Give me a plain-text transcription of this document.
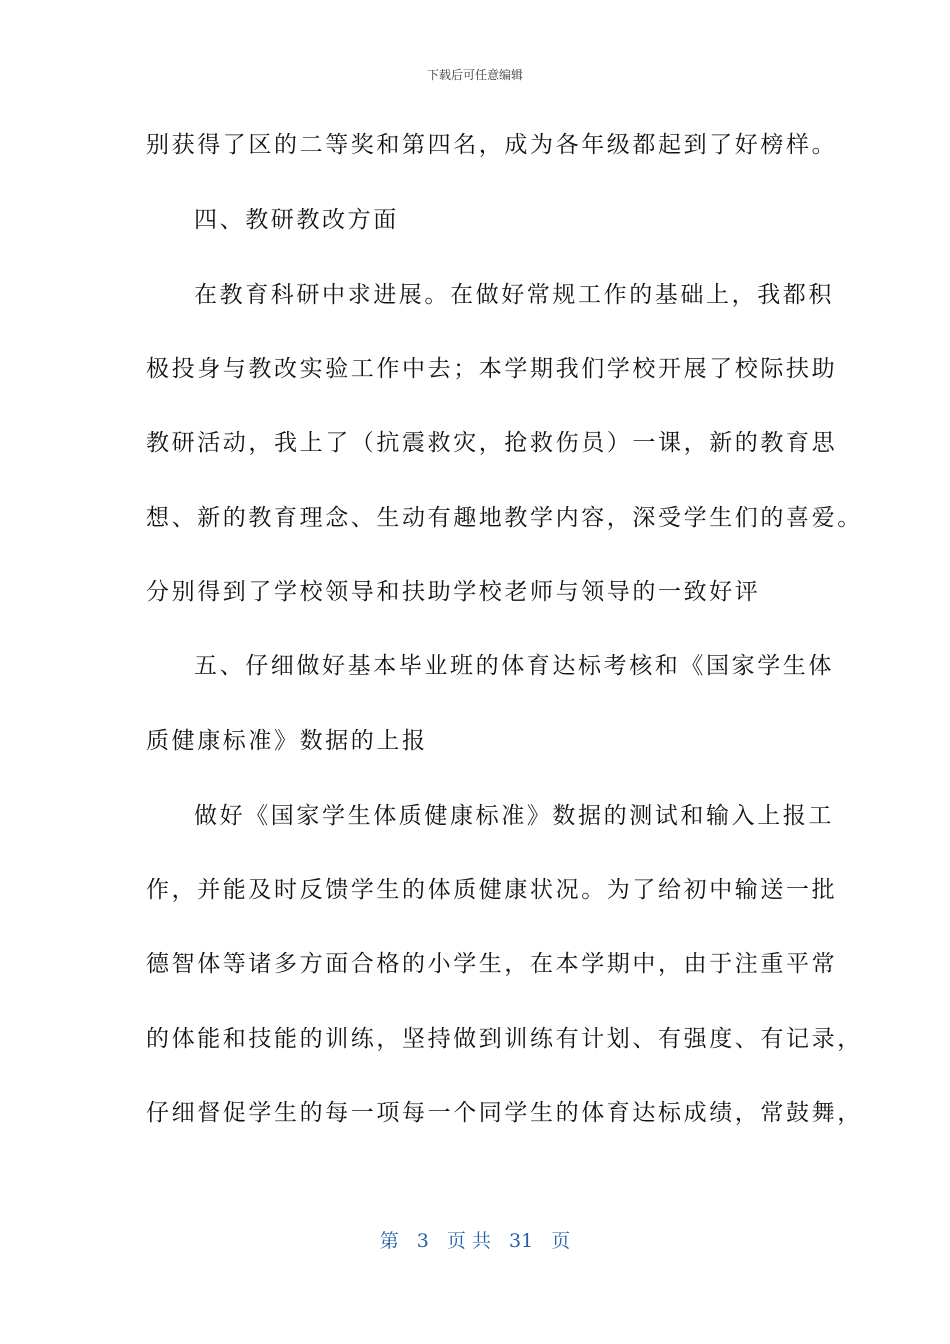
下载后可任意编辑
别获得了区的二等奖和第四名，成为各年级都起到了好榜样。
四、教研教改方面
在教育科研中求进展。在做好常规工作的基础上，我都积
极投身与教改实验工作中去；本学期我们学校开展了校际扶助
教研活动，我上了（抗震救灾，抢救伤员）一课，新的教育思
想、新的教育理念、生动有趣地教学内容，深受学生们的喜爱。
分别得到了学校领导和扶助学校老师与领导的一致好评
五、仔细做好基本毕业班的体育达标考核和《国家学生体
质健康标准》数据的上报
做好《国家学生体质健康标准》数据的测试和输入上报工
作，并能及时反馈学生的体质健康状况。为了给初中输送一批
德智体等诸多方面合格的小学生，在本学期中，由于注重平常
的体能和技能的训练，坚持做到训练有计划、有强度、有记录，
仔细督促学生的每一项每一个同学生的体育达标成绩，常鼓舞，
第 3 页 共 31 页
